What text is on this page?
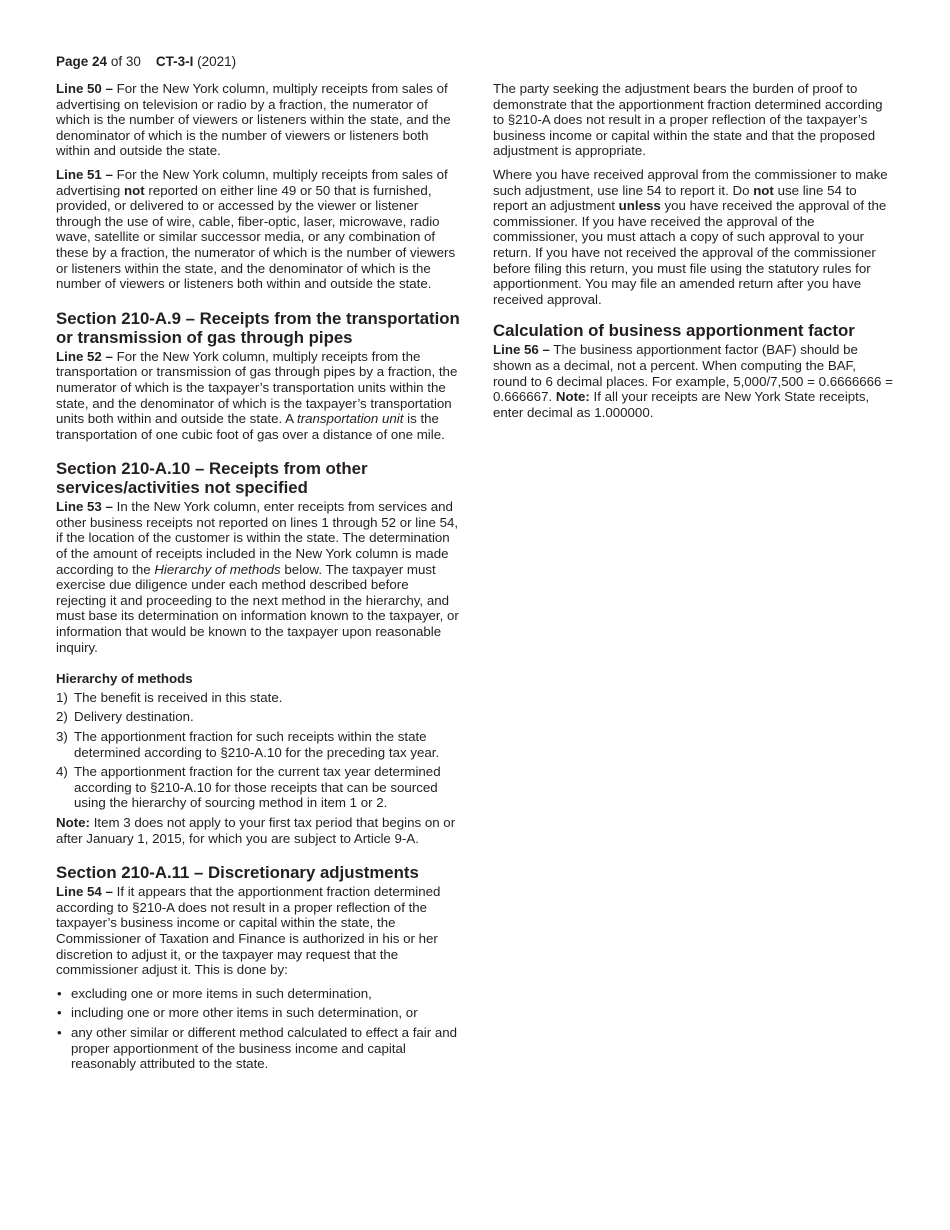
Page 24 of 30 CT-3-I (2021)

Line 50 – For the New York column, multiply receipts from sales of advertising on television or radio by a fraction, the numerator of which is the number of viewers or listeners within the state, and the denominator of which is the number of viewers or listeners both within and outside the state.

Line 51 – For the New York column, multiply receipts from sales of advertising not reported on either line 49 or 50 that is furnished, provided, or delivered to or accessed by the viewer or listener through the use of wire, cable, fiber-optic, laser, microwave, radio wave, satellite or similar successor media, or any combination of these by a fraction, the numerator of which is the number of viewers or listeners within the state, and the denominator of which is the number of viewers or listeners both within and outside the state.

Section 210-A.9 – Receipts from the transportation or transmission of gas through pipes

Line 52 – For the New York column, multiply receipts from the transportation or transmission of gas through pipes by a fraction, the numerator of which is the taxpayer’s transportation units within the state, and the denominator of which is the taxpayer’s transportation units both within and outside the state. A transportation unit is the transportation of one cubic foot of gas over a distance of one mile.

Section 210-A.10 – Receipts from other services/activities not specified

Line 53 – In the New York column, enter receipts from services and other business receipts not reported on lines 1 through 52 or line 54, if the location of the customer is within the state. The determination of the amount of receipts included in the New York column is made according to the Hierarchy of methods below. The taxpayer must exercise due diligence under each method described before rejecting it and proceeding to the next method in the hierarchy, and must base its determination on information known to the taxpayer, or information that would be known to the taxpayer upon reasonable inquiry.

Hierarchy of methods
1) The benefit is received in this state.
2) Delivery destination.
3) The apportionment fraction for such receipts within the state determined according to §210-A.10 for the preceding tax year.
4) The apportionment fraction for the current tax year determined according to §210-A.10 for those receipts that can be sourced using the hierarchy of sourcing method in item 1 or 2.

Note: Item 3 does not apply to your first tax period that begins on or after January 1, 2015, for which you are subject to Article 9-A.

Section 210-A.11 – Discretionary adjustments

Line 54 – If it appears that the apportionment fraction determined according to §210-A does not result in a proper reflection of the taxpayer’s business income or capital within the state, the Commissioner of Taxation and Finance is authorized in his or her discretion to adjust it, or the taxpayer may request that the commissioner adjust it. This is done by:

• excluding one or more items in such determination,
• including one or more other items in such determination, or
• any other similar or different method calculated to effect a fair and proper apportionment of the business income and capital reasonably attributed to the state.

The party seeking the adjustment bears the burden of proof to demonstrate that the apportionment fraction determined according to §210-A does not result in a proper reflection of the taxpayer’s business income or capital within the state and that the proposed adjustment is appropriate.

Where you have received approval from the commissioner to make such adjustment, use line 54 to report it. Do not use line 54 to report an adjustment unless you have received the approval of the commissioner. If you have received the approval of the commissioner, you must attach a copy of such approval to your return. If you have not received the approval of the commissioner before filing this return, you must file using the statutory rules for apportionment. You may file an amended return after you have received approval.

Calculation of business apportionment factor

Line 56 – The business apportionment factor (BAF) should be shown as a decimal, not a percent. When computing the BAF, round to 6 decimal places. For example, 5,000/7,500 = 0.6666666 = 0.666667. Note: If all your receipts are New York State receipts, enter decimal as 1.000000.
